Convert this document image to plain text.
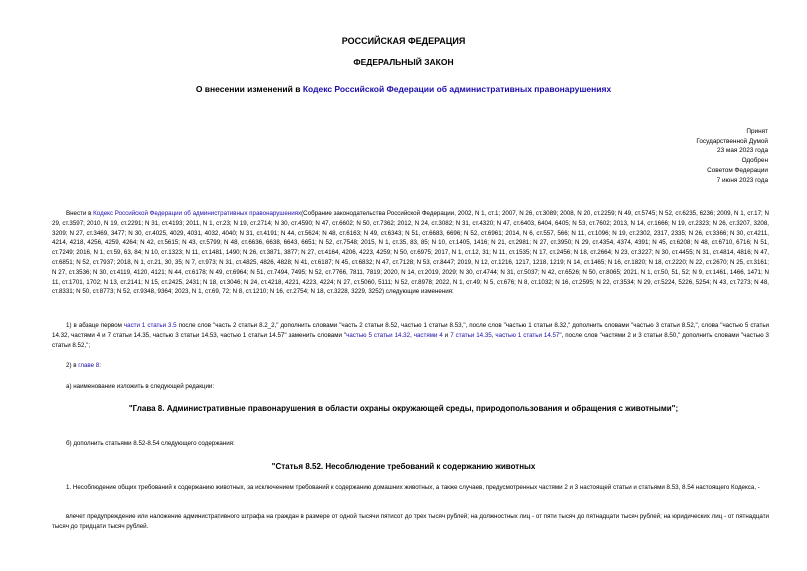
РОССИЙСКАЯ ФЕДЕРАЦИЯ
ФЕДЕРАЛЬНЫЙ ЗАКОН
О внесении изменений в Кодекс Российской Федерации об административных правонарушениях
Принят
Государственной Думой
23 мая 2023 года
Одобрен
Советом Федерации
7 июня 2023 года
Внести в Кодекс Российской Федерации об административных правонарушениях(Собрание законодательства Российской Федерации, 2002, N 1, ст.1; 2007, N 26, ст.3089; 2008, N 20, ст.2259; N 49, ст.5745; N 52, ст.6235, 6236; 2009, N 1, ст.17; N 29, ст.3597; 2010, N 19, ст.2291; N 31, ст.4193; 2011, N 1, ст.23; N 19, ст.2714; N 30, ст.4590; N 47, ст.6602; N 50, ст.7362; 2012, N 24, ст.3082; N 31, ст.4320; N 47, ст.6403, 6404, 6405; N 53, ст.7602; 2013, N 14, ст.1666; N 19, ст.2323; N 26, ст.3207, 3208, 3209; N 27, ст.3469, 3477; N 30, ст.4025, 4029, 4031, 4032, 4040; N 31, ст.4191; N 44, ст.5624; N 48, ст.6163; N 49, ст.6343; N 51, ст.6683, 6696; N 52, ст.6961; 2014, N 6, ст.557, 566; N 11, ст.1096; N 19, ст.2302, 2317, 2335; N 26, ст.3366; N 30, ст.4211, 4214, 4218, 4256, 4259, 4264; N 42, ст.5615; N 43, ст.5799; N 48, ст.6636, 6638, 6643, 6651; N 52, ст.7548; 2015, N 1, ст.35, 83, 85; N 10, ст.1405, 1416; N 21, ст.2981; N 27, ст.3950; N 29, ст.4354, 4374, 4391; N 45, ст.6208; N 48, ст.6710, 6716; N 51, ст.7249; 2016, N 1, ст.59, 63, 84; N 10, ст.1323; N 11, ст.1481, 1490; N 26, ст.3871, 3877; N 27, ст.4164, 4206, 4223, 4259; N 50, ст.6975; 2017, N 1, ст.12, 31; N 11, ст.1535; N 17, ст.2456; N 18, ст.2664; N 23, ст.3227; N 30, ст.4455; N 31, ст.4814, 4816; N 47, ст.6851; N 52, ст.7937; 2018, N 1, ст.21, 30, 35; N 7, ст.973; N 31, ст.4825, 4826, 4828; N 41, ст.6187; N 45, ст.6832; N 47, ст.7128; N 53, ст.8447; 2019, N 12, ст.1216, 1217, 1218, 1219; N 14, ст.1465; N 16, ст.1820; N 18, ст.2220; N 22, ст.2670; N 25, ст.3161; N 27, ст.3536; N 30, ст.4119, 4120, 4121; N 44, ст.6178; N 49, ст.6964; N 51, ст.7494, 7495; N 52, ст.7766, 7811, 7819; 2020, N 14, ст.2019, 2029; N 30, ст.4744; N 31, ст.5037; N 42, ст.6526; N 50, ст.8065; 2021, N 1, ст.50, 51, 52; N 9, ст.1461, 1466, 1471; N 11, ст.1701, 1702; N 13, ст.2141; N 15, ст.2425, 2431; N 18, ст.3046; N 24, ст.4218, 4221, 4223, 4224; N 27, ст.5060, 5111; N 52, ст.8978; 2022, N 1, ст.49; N 5, ст.676; N 8, ст.1032; N 16, ст.2595; N 22, ст.3534; N 29, ст.5224, 5226, 5254; N 43, ст.7273; N 48, ст.8331; N 50, ст.8773; N 52, ст.9348, 9364; 2023, N 1, ст.69, 72; N 8, ст.1210; N 16, ст.2754; N 18, ст.3228, 3229, 3252) следующие изменения:
1) в абзаце первом части 1 статьи 3.5 после слов "часть 2 статьи 8.2_2," дополнить словами "часть 2 статьи 8.52, частью 1 статьи 8.53,", после слов "частью 1 статьи 8.32," дополнить словами "частью 3 статьи 8.52,", слова "частью 5 статьи 14.32, частями 4 и 7 статьи 14.35, частью 3 статьи 14.53, частью 1 статьи 14.57" заменить словами "частью 5 статьи 14.32, частями 4 и 7 статьи 14.35, частью 1 статьи 14.57", после слов "частями 2 и 3 статьи 8.50," дополнить словами "частью 3 статьи 8.52,";
2) в главе 8:
а) наименование изложить в следующей редакции:
"Глава 8. Административные правонарушения в области охраны окружающей среды, природопользования и обращения с животными";
б) дополнить статьями 8.52-8.54 следующего содержания:
"Статья 8.52. Несоблюдение требований к содержанию животных
1. Несоблюдение общих требований к содержанию животных, за исключением требований к содержанию домашних животных, а также случаев, предусмотренных частями 2 и 3 настоящей статьи и статьями 8.53, 8.54 настоящего Кодекса, -
влечет предупреждение или наложение административного штрафа на граждан в размере от одной тысячи пятисот до трех тысяч рублей; на должностных лиц - от пяти тысяч до пятнадцати тысяч рублей; на юридических лиц - от пятнадцати тысяч до тридцати тысяч рублей.
